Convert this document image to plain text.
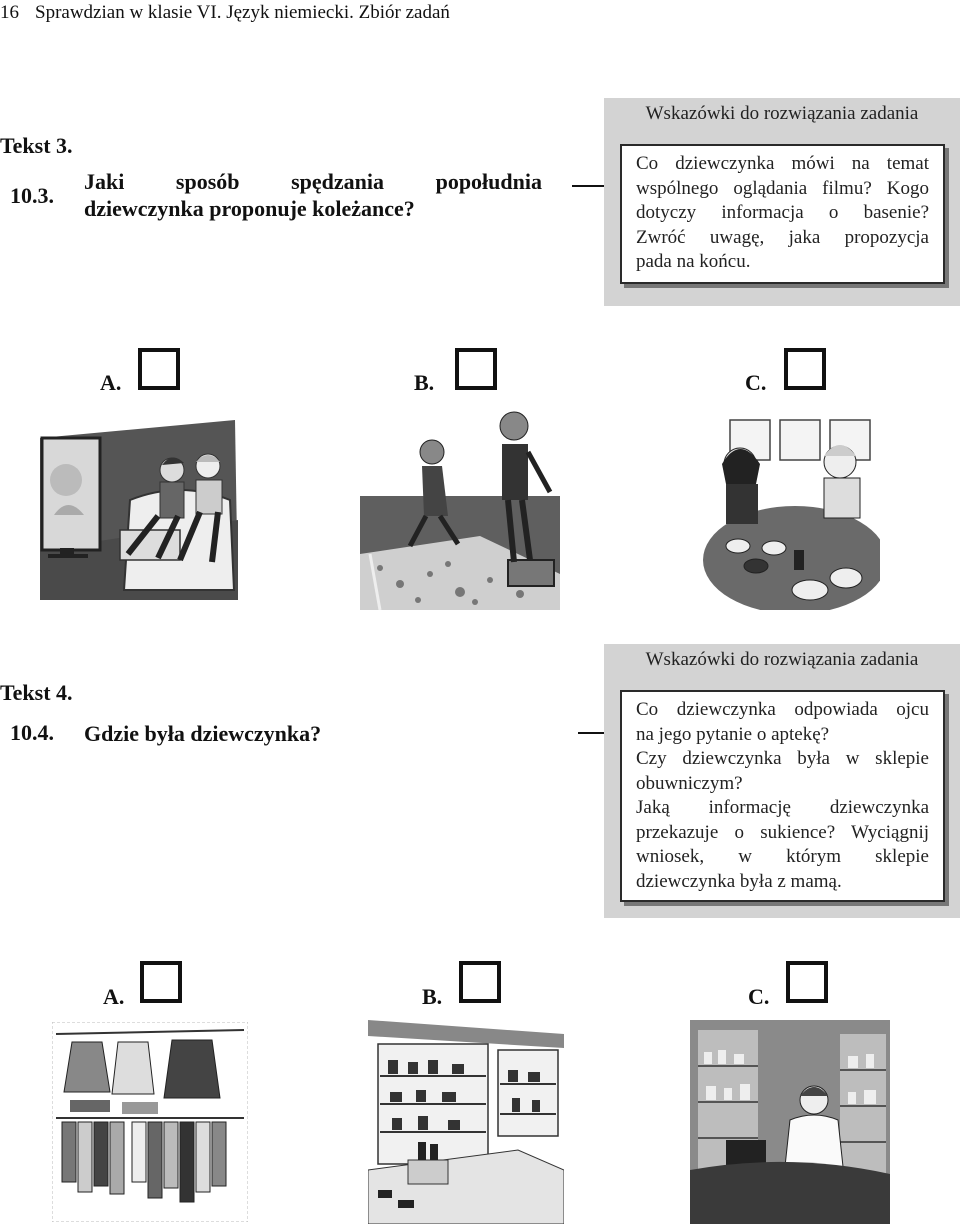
16 Sprawdzian w klasie VI. Język niemiecki. Zbiór zadań
Tekst 3.
10.3.
Jaki sposób spędzania popołudnia
dziewczynka proponuje koleżance?
Wskazówki do rozwiązania zadania
Co dziewczynka mówi na temat
wspólnego oglądania filmu? Kogo
dotyczy informacja o basenie?
Zwróć uwagę, jaka propozycja
pada na końcu.
A.	B.	C.
Tekst 4.
10.4. Gdzie była dziewczynka?
Wskazówki do rozwiązania zadania
Co dziewczynka odpowiada ojcu
na jego pytanie o aptekę?
Czy dziewczynka była w sklepie
obuwniczym?
Jaką informację dziewczynka
przekazuje o sukience? Wyciągnij
wniosek, w którym sklepie
dziewczynka była z mamą.
A.	B.	C.
